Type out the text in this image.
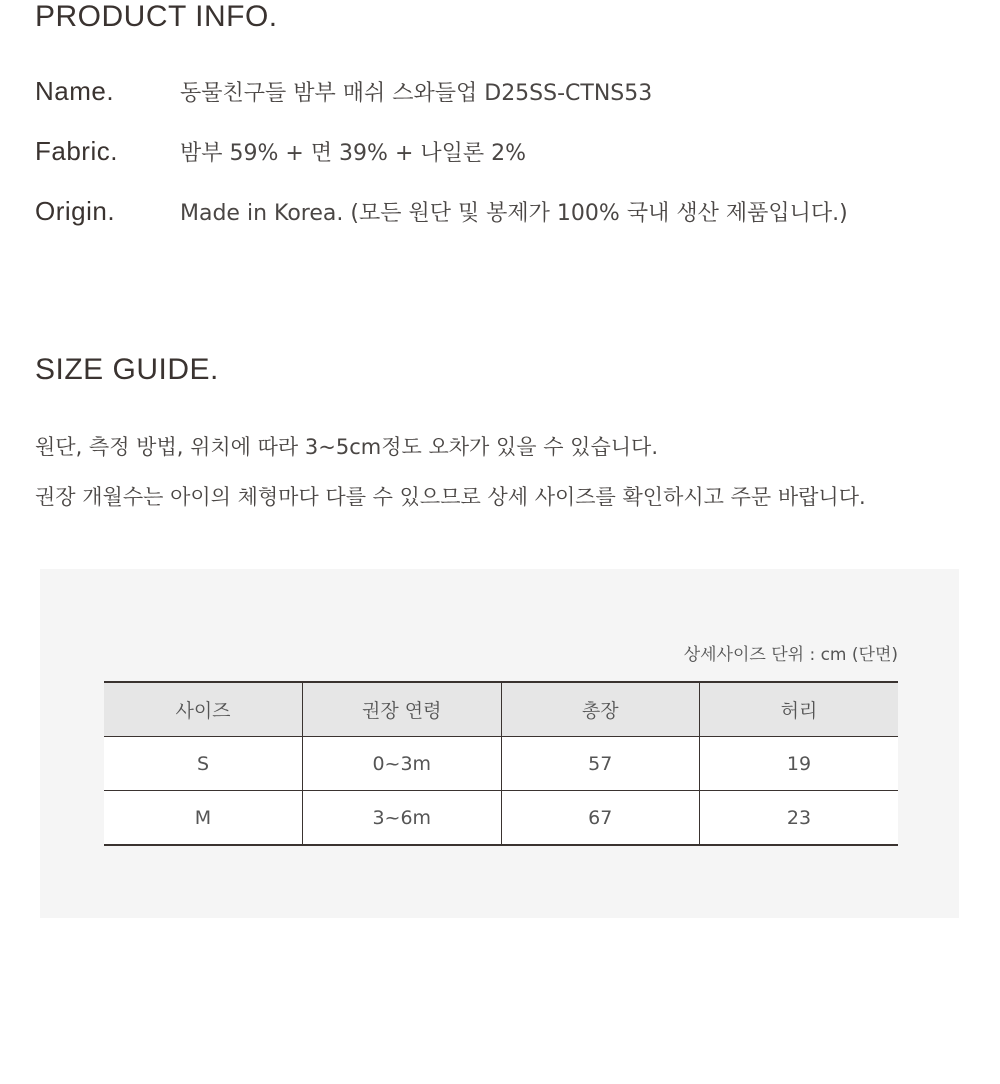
PRODUCT INFO.
Name.	동물친구들 밤부 매쉬 스와들업 D25SS-CTNS53
Fabric.	밤부 59% + 면 39% + 나일론 2%
Origin.	Made in Korea. (모든 원단 및 봉제가 100% 국내 생산 제품입니다.)
SIZE GUIDE.

원단, 측정 방법, 위치에 따라 3~5cm정도 오차가 있을 수 있습니다.

권장 개월수는 아이의 체형마다 다를 수 있으므로 상세 사이즈를 확인하시고 주문 바랍니다.

상세사이즈 단위 : cm (단면)
사이즈	권장 연령	총장	허리
S	0~3m	57	19
M	3~6m	67	23
